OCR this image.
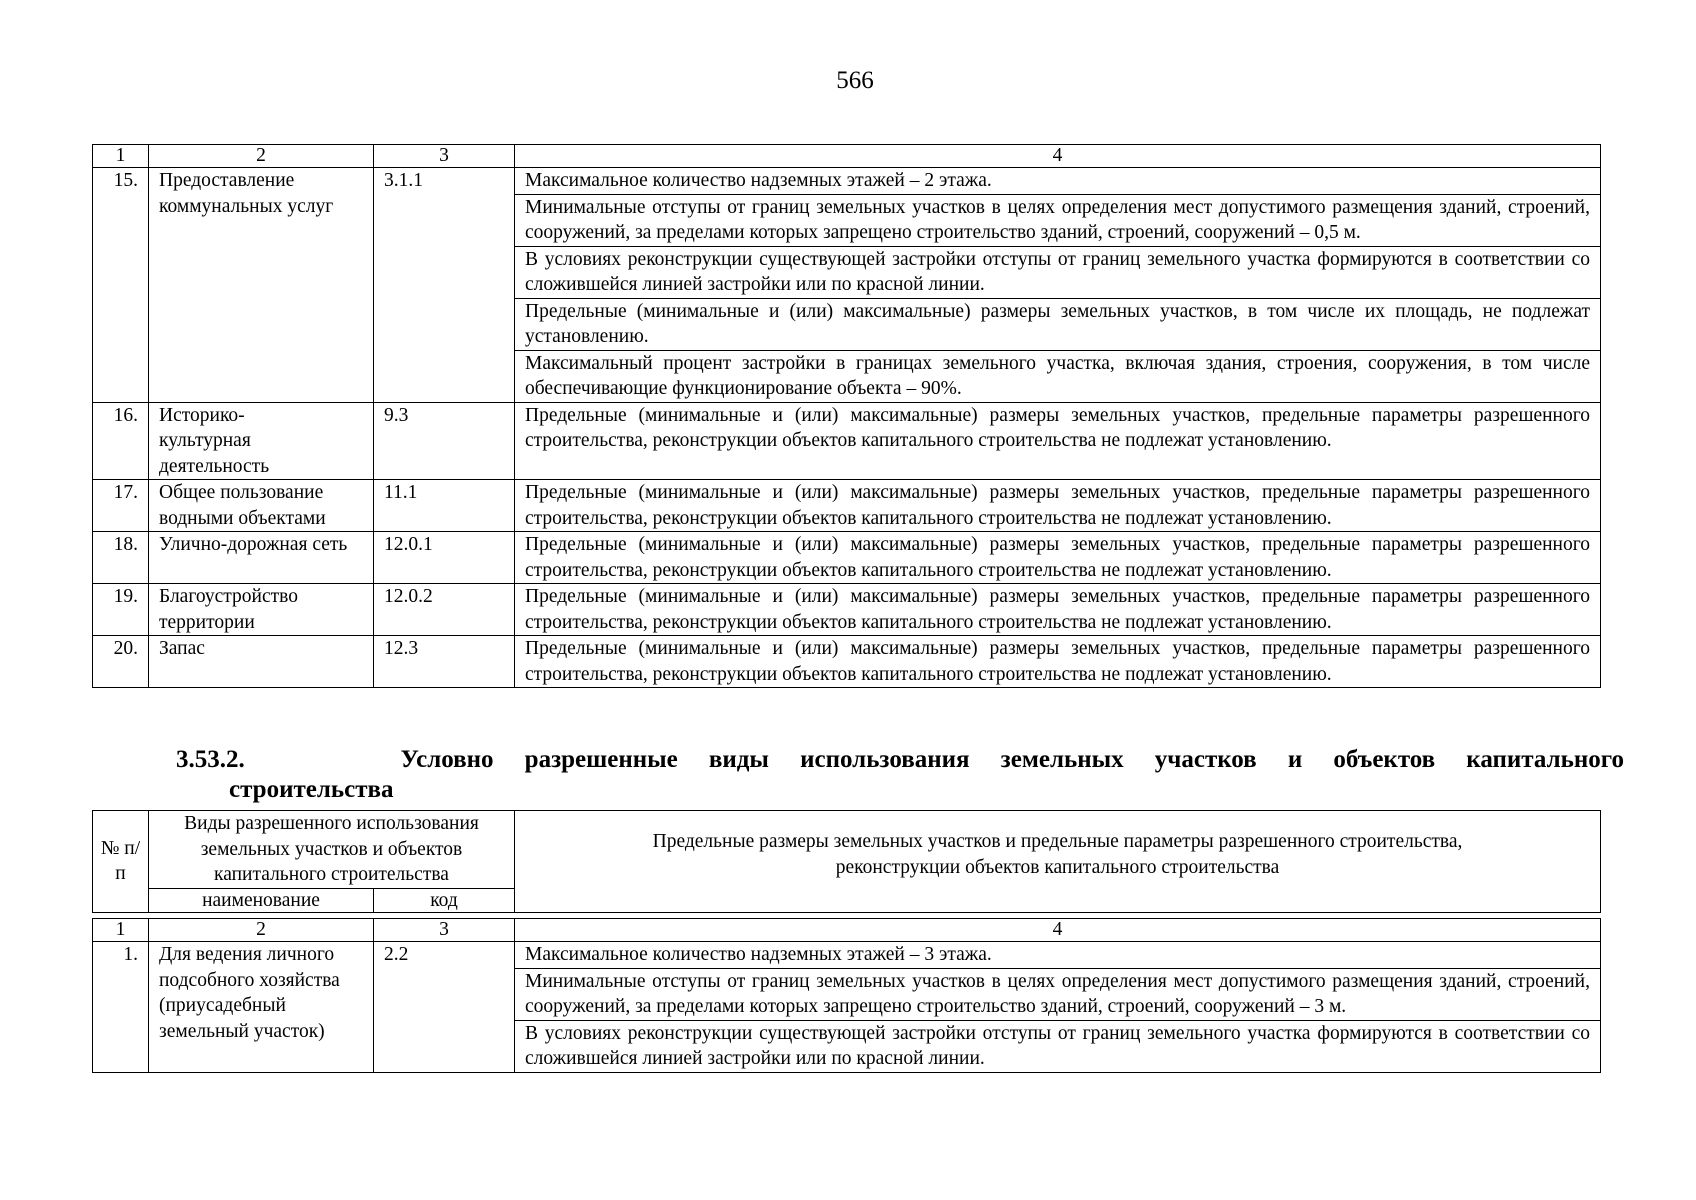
566
1	2	3	4
15.	Предоставление коммунальных услуг	3.1.1	Максимальное количество надземных этажей – 2 этажа.
			Минимальные отступы от границ земельных участков в целях определения мест допустимого размещения зданий, строений, сооружений, за пределами которых запрещено строительство зданий, строений, сооружений – 0,5 м.
			В условиях реконструкции существующей застройки отступы от границ земельного участка формируются в соответствии со сложившейся линией застройки или по красной линии.
			Предельные (минимальные и (или) максимальные) размеры земельных участков, в том числе их площадь, не подлежат установлению.
			Максимальный процент застройки в границах земельного участка, включая здания, строения, сооружения, в том числе обеспечивающие функционирование объекта – 90%.
16.	Историко-культурная деятельность	9.3	Предельные (минимальные и (или) максимальные) размеры земельных участков, предельные параметры разрешенного строительства, реконструкции объектов капитального строительства не подлежат установлению.
17.	Общее пользование водными объектами	11.1	Предельные (минимальные и (или) максимальные) размеры земельных участков, предельные параметры разрешенного строительства, реконструкции объектов капитального строительства не подлежат установлению.
18.	Улично-дорожная сеть	12.0.1	Предельные (минимальные и (или) максимальные) размеры земельных участков, предельные параметры разрешенного строительства, реконструкции объектов капитального строительства не подлежат установлению.
19.	Благоустройство территории	12.0.2	Предельные (минимальные и (или) максимальные) размеры земельных участков, предельные параметры разрешенного строительства, реконструкции объектов капитального строительства не подлежат установлению.
20.	Запас	12.3	Предельные (минимальные и (или) максимальные) размеры земельных участков, предельные параметры разрешенного строительства, реконструкции объектов капитального строительства не подлежат установлению.
3.53.2.	Условно разрешенные виды использования земельных участков и объектов капитального
строительства
№ п/п	Виды разрешенного использования земельных участков и объектов капитального строительства		Предельные размеры земельных участков и предельные параметры разрешенного строительства, реконструкции объектов капитального строительства
	наименование	код	
1	2	3	4
1.	Для ведения личного подсобного хозяйства (приусадебный земельный участок)	2.2	Максимальное количество надземных этажей – 3 этажа.
			Минимальные отступы от границ земельных участков в целях определения мест допустимого размещения зданий, строений, сооружений, за пределами которых запрещено строительство зданий, строений, сооружений – 3 м.
			В условиях реконструкции существующей застройки отступы от границ земельного участка формируются в соответствии со сложившейся линией застройки или по красной линии.
